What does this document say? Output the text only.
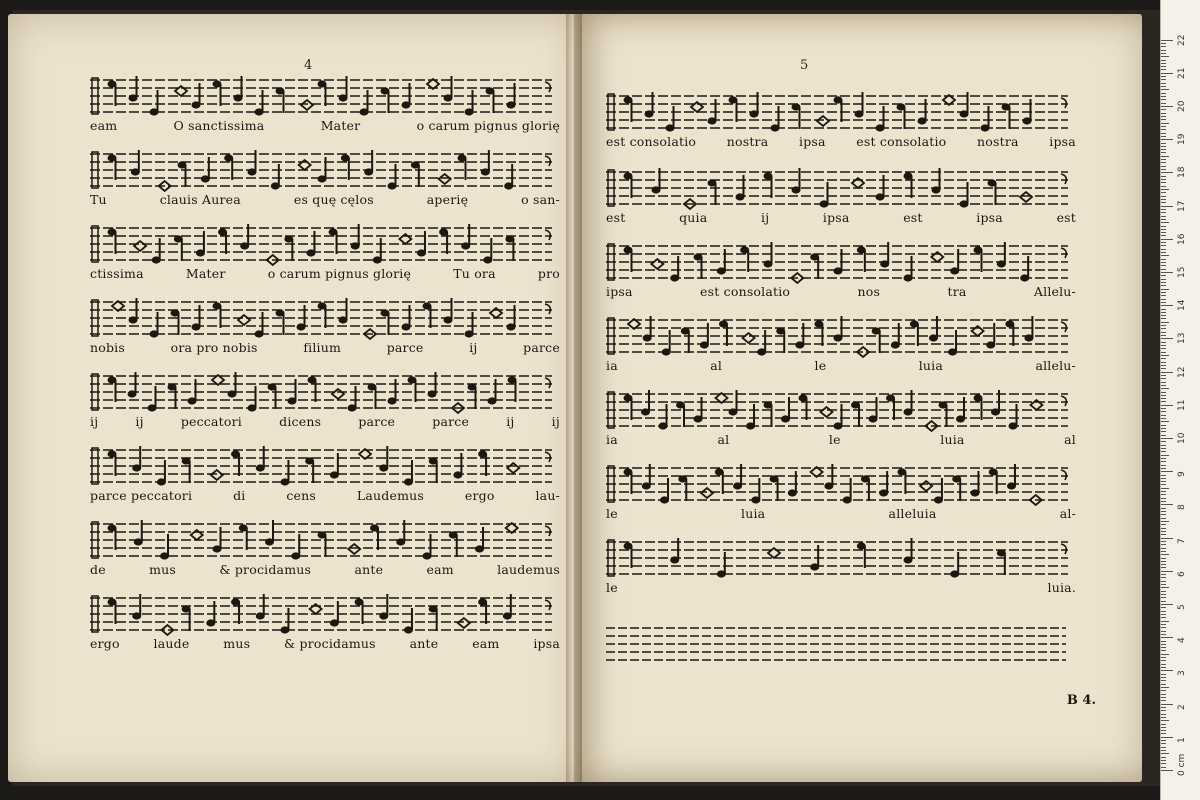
4
eam	O sanctissima	Mater	o carum pignus glorię
Tu	clauis Aurea	es quę cęlos	aperię	o san-
ctissima	Mater	o carum pignus glorię	Tu ora	pro
nobis	ora pro nobis	filium	parce	ij	parce
ij	ij	peccatori	dicens	parce	parce	ij	ij
parce peccatori	di	cens	Laudemus	ergo	lau-
de	mus	& procidamus	ante	eam	laudemus
ergo	laude	mus	& procidamus	ante	eam	ipsa
5
est consolatio nostra ipsa est consolatio nostra ipsa
est	quia	ij	ipsa	est	ipsa	est
ipsa	est consolatio	nos	tra	Allelu-
ia	al	le	luia	allelu-
ia	al	le	luia	al
le	luia	alleluia	al-
le	luia.
B 4.
0 cm
1
2
3
4
5
6
7
8
9
10
11
12
13
14
15
16
17
18
19
20
21
22
